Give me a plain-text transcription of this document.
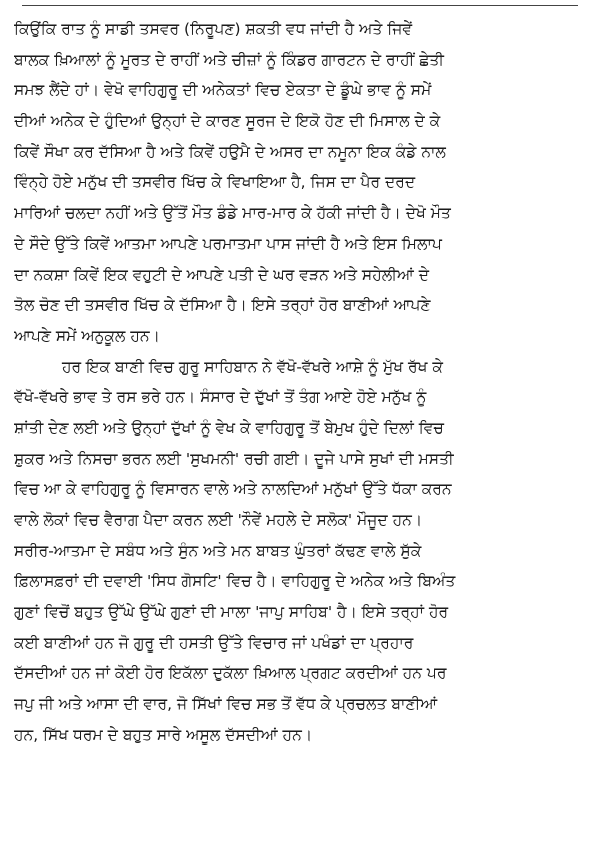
ਕਿਉਂਕਿ ਰਾਤ ਨੂੰ ਸਾਡੀ ਤਸਵਰ (ਨਿਰੂਪਣ) ਸ਼ਕਤੀ ਵਧ ਜਾਂਦੀ ਹੈ ਅਤੇ ਜਿਵੇਂ
ਬਾਲਕ ਖ਼ਿਆਲਾਂ ਨੂੰ ਮੂਰਤ ਦੇ ਰਾਹੀਂ ਅਤੇ ਚੀਜ਼ਾਂ ਨੂੰ ਕਿੰਡਰ ਗਾਰਟਨ ਦੇ ਰਾਹੀਂ ਛੇਤੀ
ਸਮਝ ਲੈਂਦੇ ਹਾਂ। ਵੇਖੋ ਵਾਹਿਗੁਰੂ ਦੀ ਅਨੇਕਤਾਂ ਵਿਚ ਏਕਤਾ ਦੇ ਡੂੰਘੇ ਭਾਵ ਨੂੰ ਸਮੇਂ
ਦੀਆਂ ਅਨੇਕ ਦੇ ਹੁੰਦਿਆਂ ਉਨ੍ਹਾਂ ਦੇ ਕਾਰਣ ਸੂਰਜ ਦੇ ਇਕੋ ਹੋਣ ਦੀ ਮਿਸਾਲ ਦੇ ਕੇ
ਕਿਵੇਂ ਸੌਖਾ ਕਰ ਦੱਸਿਆ ਹੈ ਅਤੇ ਕਿਵੇਂ ਹਉਮੈ ਦੇ ਅਸਰ ਦਾ ਨਮੂਨਾ ਇਕ ਕੰਡੇ ਨਾਲ
ਵਿੰਨ੍ਹੇ ਹੋਏ ਮਨੁੱਖ ਦੀ ਤਸਵੀਰ ਖਿੱਚ ਕੇ ਵਿਖਾਇਆ ਹੈ, ਜਿਸ ਦਾ ਪੈਰ ਦਰਦ
ਮਾਰਿਆਂ ਚਲਦਾ ਨਹੀਂ ਅਤੇ ਉੱਤੋਂ ਮੌਤ ਡੰਡੇ ਮਾਰ-ਮਾਰ ਕੇ ਹੱਕੀ ਜਾਂਦੀ ਹੈ। ਦੇਖੋ ਮੌਤ
ਦੇ ਸੌਦੇ ਉੱਤੇ ਕਿਵੇਂ ਆਤਮਾ ਆਪਣੇ ਪਰਮਾਤਮਾ ਪਾਸ ਜਾਂਦੀ ਹੈ ਅਤੇ ਇਸ ਮਿਲਾਪ
ਦਾ ਨਕਸ਼ਾ ਕਿਵੇਂ ਇਕ ਵਹੁਟੀ ਦੇ ਆਪਣੇ ਪਤੀ ਦੇ ਘਰ ਵੜਨ ਅਤੇ ਸਹੇਲੀਆਂ ਦੇ
ਤੋਲ ਚੋਣ ਦੀ ਤਸਵੀਰ ਖਿੱਚ ਕੇ ਦੱਸਿਆ ਹੈ। ਇਸੇ ਤਰ੍ਹਾਂ ਹੋਰ ਬਾਣੀਆਂ ਆਪਣੇ
ਆਪਣੇ ਸਮੇਂ ਅਨੁਕੂਲ ਹਨ।
ਹਰ ਇਕ ਬਾਣੀ ਵਿਚ ਗੁਰੂ ਸਾਹਿਬਾਨ ਨੇ ਵੱਖੋ-ਵੱਖਰੇ ਆਸ਼ੇ ਨੂੰ ਮੁੱਖ ਰੱਖ ਕੇ
ਵੱਖੋ-ਵੱਖਰੇ ਭਾਵ ਤੇ ਰਸ ਭਰੇ ਹਨ। ਸੰਸਾਰ ਦੇ ਦੁੱਖਾਂ ਤੋਂ ਤੰਗ ਆਏ ਹੋਏ ਮਨੁੱਖ ਨੂੰ
ਸ਼ਾਂਤੀ ਦੇਣ ਲਈ ਅਤੇ ਉਨ੍ਹਾਂ ਦੁੱਖਾਂ ਨੂੰ ਵੇਖ ਕੇ ਵਾਹਿਗੁਰੂ ਤੋਂ ਬੇਮੁਖ ਹੁੰਦੇ ਦਿਲਾਂ ਵਿਚ
ਸ਼ੁਕਰ ਅਤੇ ਨਿਸਚਾ ਭਰਨ ਲਈ 'ਸੁਖਮਨੀ' ਰਚੀ ਗਈ। ਦੂਜੇ ਪਾਸੇ ਸੁਖਾਂ ਦੀ ਮਸਤੀ
ਵਿਚ ਆ ਕੇ ਵਾਹਿਗੁਰੂ ਨੂੰ ਵਿਸਾਰਨ ਵਾਲੇ ਅਤੇ ਨਾਲਦਿਆਂ ਮਨੁੱਖਾਂ ਉੱਤੇ ਧੱਕਾ ਕਰਨ
ਵਾਲੇ ਲੋਕਾਂ ਵਿਚ ਵੈਰਾਗ ਪੈਦਾ ਕਰਨ ਲਈ 'ਨੌਵੇਂ ਮਹਲੇ ਦੇ ਸਲੋਕ' ਮੌਜੂਦ ਹਨ।
ਸਰੀਰ-ਆਤਮਾ ਦੇ ਸਬੰਧ ਅਤੇ ਸੁੰਨ ਅਤੇ ਮਨ ਬਾਬਤ ਘੁੰਤਰਾਂ ਕੱਢਣ ਵਾਲੇ ਸੁੱਕੇ
ਫ਼ਿਲਾਸਫ਼ਰਾਂ ਦੀ ਦਵਾਈ 'ਸਿਧ ਗੋਸਟਿ' ਵਿਚ ਹੈ। ਵਾਹਿਗੁਰੂ ਦੇ ਅਨੇਕ ਅਤੇ ਬਿਅੰਤ
ਗੁਣਾਂ ਵਿਚੋਂ ਬਹੁਤ ਉੱਘੇ ਉੱਘੇ ਗੁਣਾਂ ਦੀ ਮਾਲਾ 'ਜਾਪੁ ਸਾਹਿਬ' ਹੈ। ਇਸੇ ਤਰ੍ਹਾਂ ਹੋਰ
ਕਈ ਬਾਣੀਆਂ ਹਨ ਜੋ ਗੁਰੂ ਦੀ ਹਸਤੀ ਉੱਤੇ ਵਿਚਾਰ ਜਾਂ ਪਖੰਡਾਂ ਦਾ ਪ੍ਰਹਾਰ
ਦੱਸਦੀਆਂ ਹਨ ਜਾਂ ਕੋਈ ਹੋਰ ਇਕੱਲਾ ਦੁਕੱਲਾ ਖ਼ਿਆਲ ਪ੍ਰਗਟ ਕਰਦੀਆਂ ਹਨ ਪਰ
ਜਪੁ ਜੀ ਅਤੇ ਆਸਾ ਦੀ ਵਾਰ, ਜੋ ਸਿੱਖਾਂ ਵਿਚ ਸਭ ਤੋਂ ਵੱਧ ਕੇ ਪ੍ਰਚਲਤ ਬਾਣੀਆਂ
ਹਨ, ਸਿੱਖ ਧਰਮ ਦੇ ਬਹੁਤ ਸਾਰੇ ਅਸੂਲ ਦੱਸਦੀਆਂ ਹਨ।
